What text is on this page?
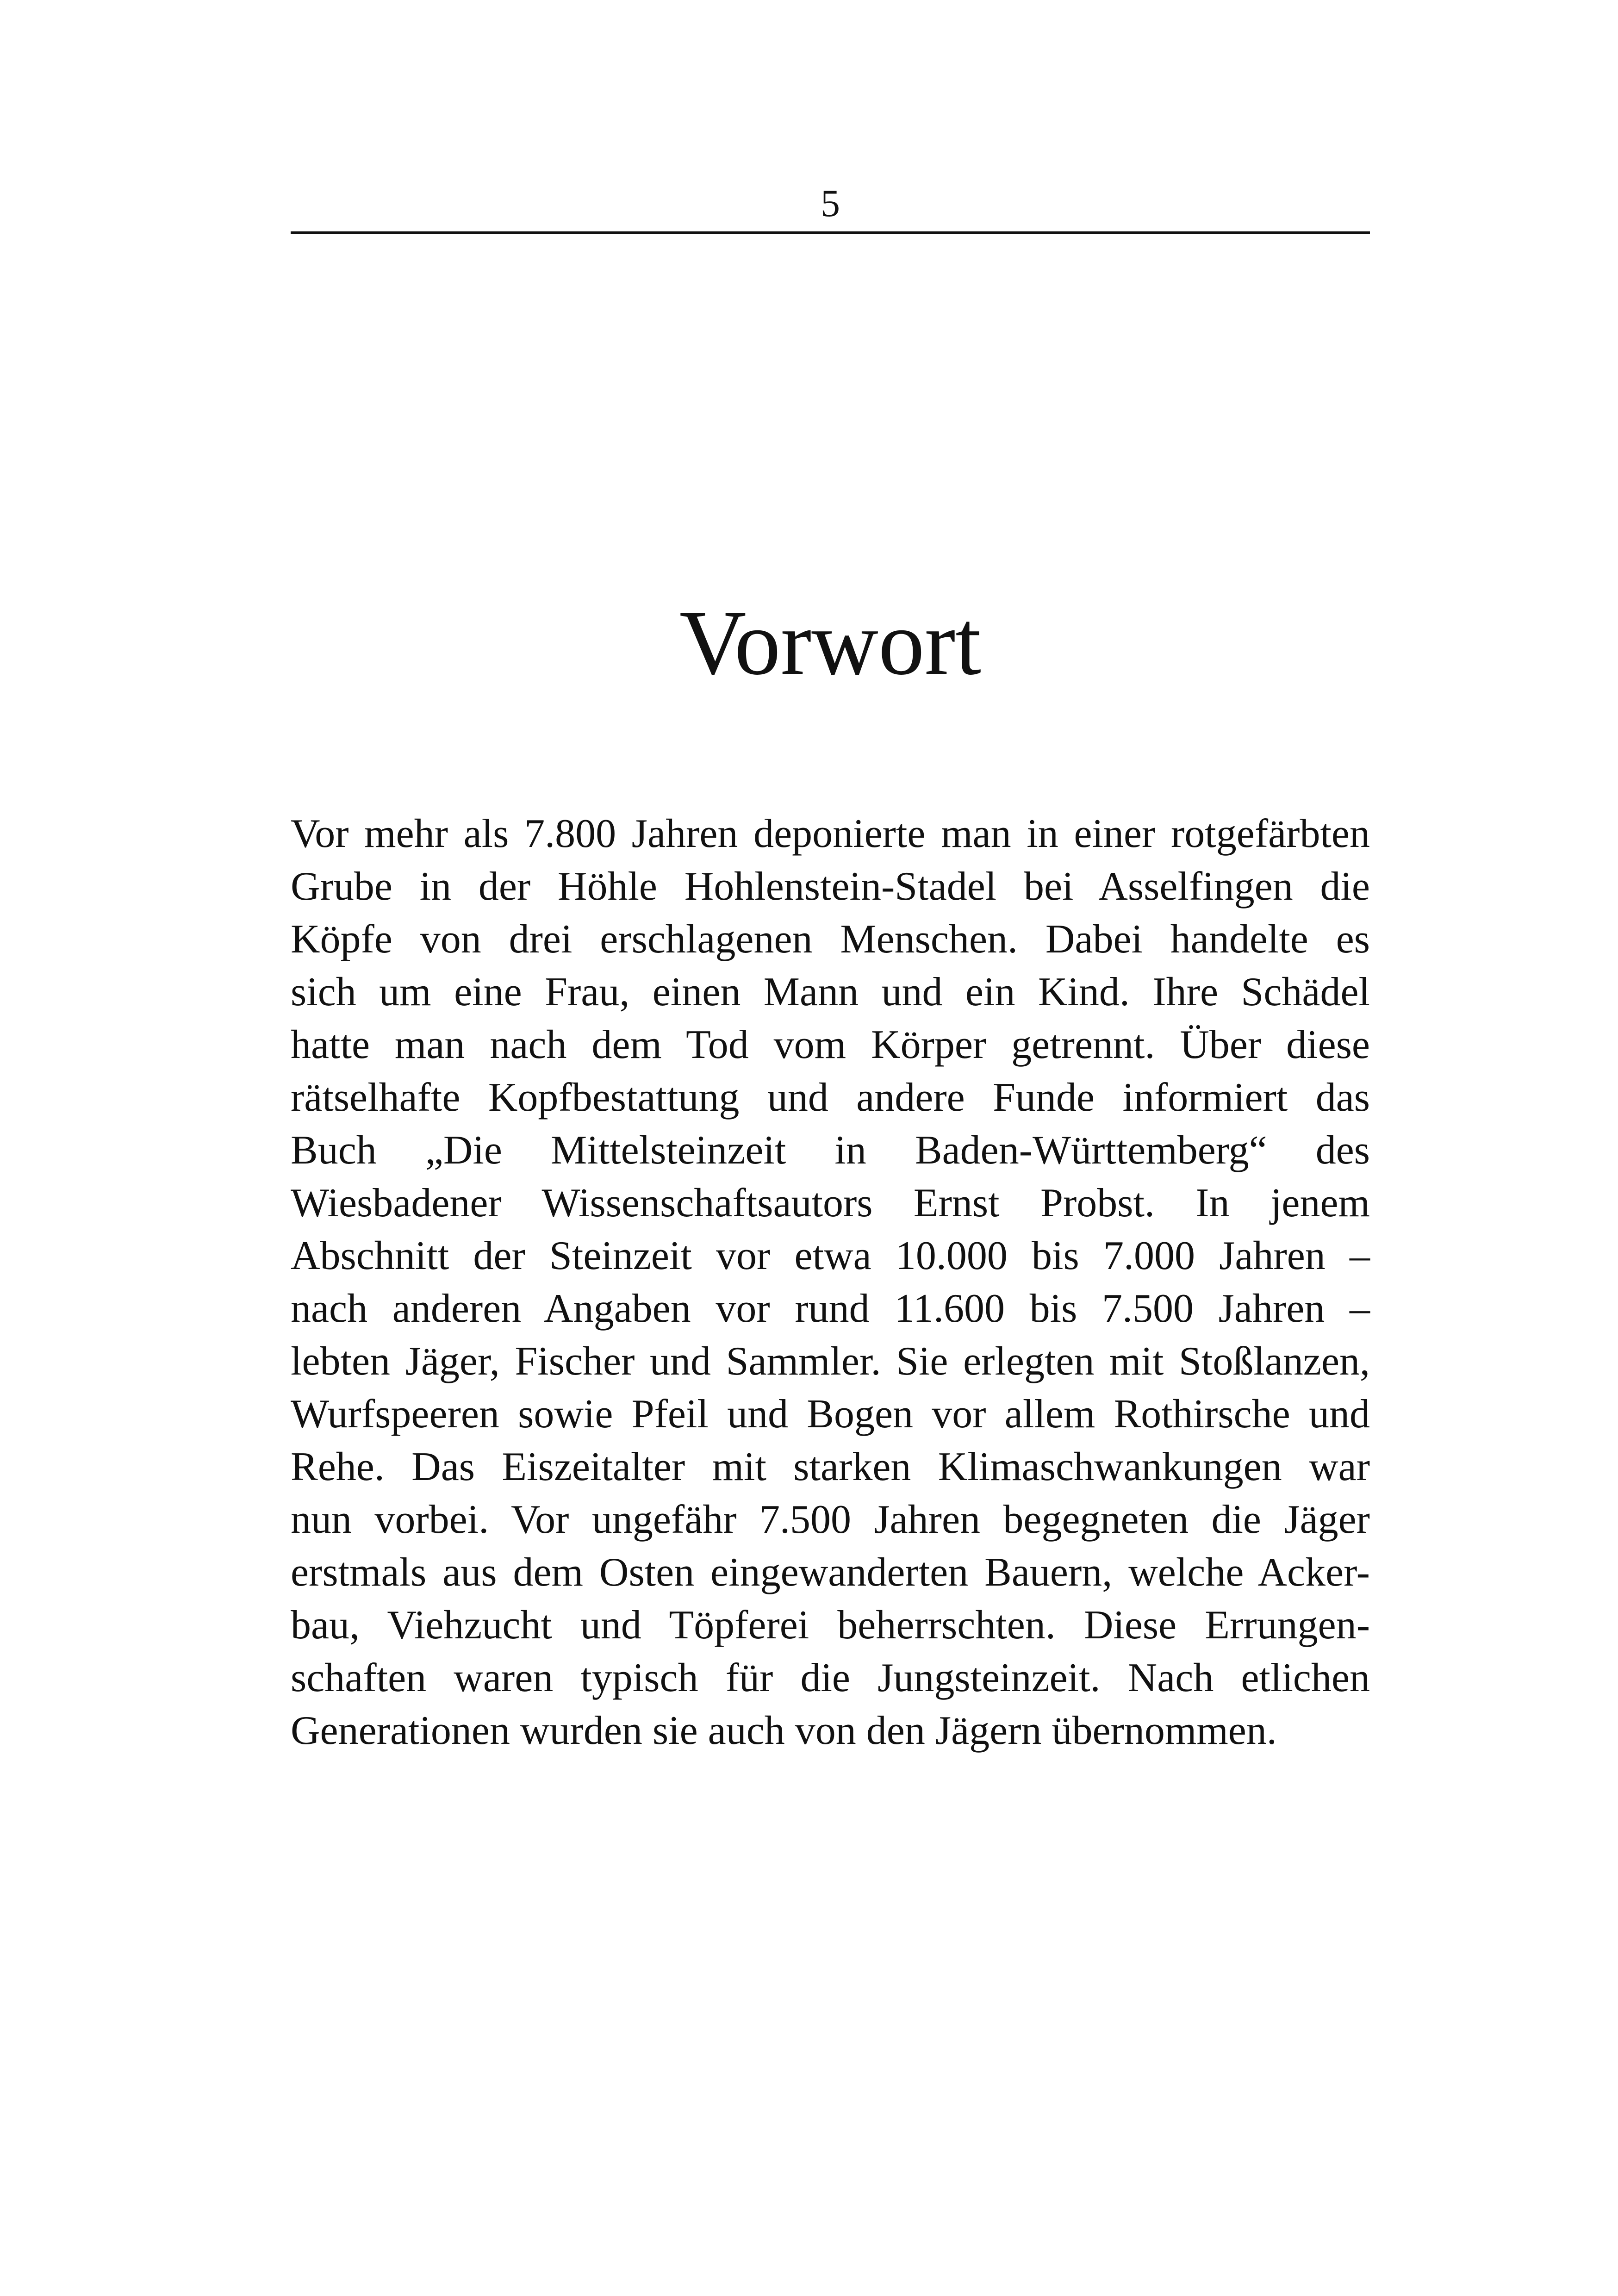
5
Vorwort
Vor mehr als 7.800 Jahren deponierte man in einer rotgefärbten
Grube in der Höhle Hohlenstein-Stadel bei Asselfingen die
Köpfe von drei erschlagenen Menschen. Dabei handelte es
sich um eine Frau, einen Mann und ein Kind. Ihre Schädel
hatte man nach dem Tod vom Körper getrennt. Über diese
rätselhafte Kopfbestattung und andere Funde informiert das
Buch „Die Mittelsteinzeit in Baden-Württemberg“ des
Wiesbadener Wissenschaftsautors Ernst Probst. In jenem
Abschnitt der Steinzeit vor etwa 10.000 bis 7.000 Jahren –
nach anderen Angaben vor rund 11.600 bis 7.500 Jahren –
lebten Jäger, Fischer und Sammler. Sie erlegten mit Stoßlanzen,
Wurfspeeren sowie Pfeil und Bogen vor allem Rothirsche und
Rehe. Das Eiszeitalter mit starken Klimaschwankungen war
nun vorbei. Vor ungefähr 7.500 Jahren begegneten die Jäger
erstmals aus dem Osten eingewanderten Bauern, welche Acker-
bau, Viehzucht und Töpferei beherrschten. Diese Errungen-
schaften waren typisch für die Jungsteinzeit. Nach etlichen
Generationen wurden sie auch von den Jägern übernommen.
